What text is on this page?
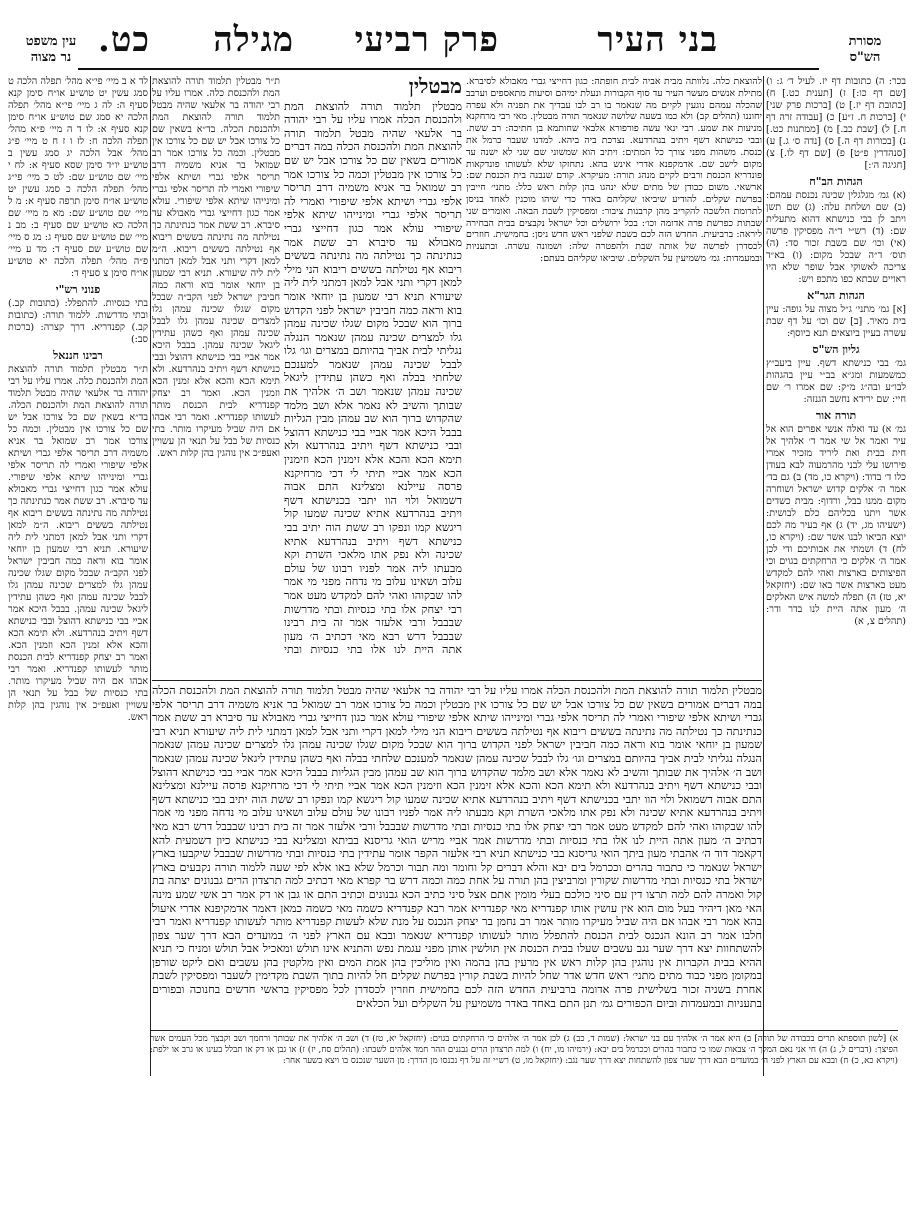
מסורת
הש"ס
עין משפט
נר מצוה	בני העיר
פרק רביעי
מגילה
כט.

בכר: ה) כתובות דף יז. לעיל ד׳ ג: ו) [שם דף כו:] ז) [תענית כט.] ח) [כתובת דף יז.] ט) [ברכות פרק שני] י) [ברכות ח. ז״ע] כ) [עבודה זרה דף ח.] ל) [שבת כב.] מ) [ממתנות כט.] נ) [בכורות דף ה.] ס) [נדה ס׳ ג.] ע) [סנהדרין פ״ט] פ) [שם דף לו.] צ) [חגיגה ה׳:]

הגהות הב"ח

(א) גמ׳ מגלגלין שכינה נכנסת עמהם: (ב) שם ושלחת עלה: (ג) שם תשן ויתב לן בבי כנישתא דהוא מתעלית שם: (ד) רש״י ד״ה מפסיקין פרשה (אי) וכו׳ שם בשבת זכור סד: (ה) תוס׳ ד״ה שבכל מקום: (ו) בא״ד צריכה לאשוקי אבל שופר שלא היו ראויים שבתא כפו מתכפ ויש:

הגהות הגר"א

[א] גמ׳ מתני׳ ג״ל מצוה על גופה: עיין בית מאיר. [ב] שם וכו׳ על דף שבת עשרה בעיין ביוצאים תנא ביוסף:

גליון הש"ס

גמ׳ בבי כנישתא דשף. עיין ביעב״ץ כמשמעות ומג״א בב״י עיין בהגהות לבו״ע ובה״ג מ״ק: שם אמרו ר׳ שם חיי: שם ירידא נחשב הגנזה:

תורה אור

גמ׳ א) עד ואלה אנשי אפרים הוא אל עיר ואמר אל שי אמר ד׳ אלהיך אל חית בבית ואת ליריד מזכיר אמרי פירושו עלי לבני מהרמעוה לבא בעודן כלו ד׳ בדוד: (ויקרא כו, מד) ב) גם בד׳ אמר ה׳ אלקים קדוש ישראל ושוחרה מקום ממנו בבל, ורדוף: מבית כשדים אשר ויתנו בכליהם כלם לבושית: (ישעיהו מג, יד) ג) אף בעיר מה לכם יוצא הביאו לבנו אשר שם: (ויקרא כו, לח) ד) ושמתי את אבותיכם ודי לכן אמר ה׳ אלקים כי הרחקתים בגוים וכי הפיצותים בארצות ואהי להם למקדש מעט בארצות אשר באו שם: (יחזקאל יא, טז) ה) תפלה למשה איש האלקים ה׳ מעון אתה היית לנו בדר ודר: (תהלים צ, א)

להוצאת כלה. נלוותה מבית אביה לבית חופתה: כגון דחייצי גברי מאבולא לסיברא. מתילת אנשים מעשר העיר עד סוף הקבורות ונעלת ימיהם וסיעות מתאספים וערבב שהכלה עמהם נוגעין לקיים מה שנאמר בו רב לבו עבדיך את תפניה ולא עפרה יחוננו (תהלים קב) ולא כמו בשעה שלושה שנאמר תורה מבטלין. מאי רבי מרחקנא מניעות את שמע. רבי ינאי עשה פורפורא אלבאי שחותמא בן חתיכה: רב ששת. ובבי כנישתא דשף ויתיב בנהרדעא. נצרכת ביה ביהא. למדנו שעבר כרמל את כנסת. משהות מפני צורך כל המתים: ויתיב הוא שמשוני שם שני לא ישנה עד מקום לישב שם. אדמקפנא אדרי אינש בהא. נתחזקו שלא לעשותו פונדקאות פונדריא הכנסת ורבים לקיים מנהג תורה: מעיקרא. קודם שנבנה בית הכנסת שם: ארשאי. משום כבודן של מתים שלא ינהגו בהן קלות ראש כלל: מתני׳ חייבין בפרשת שקלים. להודיע שיביאו שקליהם באדר כדי שיהו מוכנין לאחד בניסן לתרומת הלשכה להקריב מהן קרבנות ציבור: ומפסיקין לשבת הבאה. ואומרים שני שבתות כפרשת פרה אדומה וכו׳: בכל ירושלים וכל ישראל נקבצים בבית הבחירה ליראה: ברביעית. החדש הזה לכם בשבת שלפני ראש חדש ניסן: בחמישית. חוזרים לכסדרן לפרשה של אותה שבת ולהפטרה שלה: ושמונה עשרה. ובתעניות ובמעמדות: גמ׳ משמיעין על השקלים. שיביאו שקליהם בעתם:

מבטלין

מבטלין תלמוד תורה להוצאת המת ולהכנסת הכלה אמרו עליו על רבי יהודה בר אלעאי שהיה מבטל תלמוד תורה להוצאת המת ולהכנסת הכלה במה דברים אמורים בשאין שם כל צורכו אבל יש שם כל צורכו אין מבטלין וכמה כל צורכו אמר רב שמואל בר אניא משמיה דרב תריסר אלפי גברי ושיתא אלפי שיפורי ואמרי לה תריסר אלפי גברי ומינייהו שיתא אלפי שיפורי עולא אמר כגון דחייצי גברי מאבולא עד סיברא רב ששת אמר כנתינתה כך נטילתה מה נתינתה בששים ריבוא אף נטילתה בששים ריבוא הני מילי למאן דקרי ותני אבל למאן דמתני לית ליה שיעורא תניא רבי שמעון בן יוחאי אומר בוא וראה כמה חביבין ישראל לפני הקדוש ברוך הוא שבכל מקום שגלו שכינה עמהן גלו למצרים שכינה עמהן שנאמר הנגלה נגליתי לבית אביך בהיותם במצרים וגו׳ גלו לבבל שכינה עמהן שנאמר למענכם שלחתי בבלה ואף כשהן עתידין ליגאל שכינה עמהן שנאמר ושב ה׳ אלהיך את שבותך והשיב לא נאמר אלא ושב מלמד שהקדוש ברוך הוא שב עמהן מבין הגליות בבבל היכא אמר אביי בבי כנישתא דהוצל ובבי כנישתא דשף ויתיב בנהרדעא ולא תימא הכא והכא אלא זימנין הכא וזימנין הכא אמר אביי תיתי לי דכי מרחיקנא פרסה עיילנא ומצלינא התם אבוה דשמואל ולוי הוו יתבי בכנישתא דשף ויתיב בנהרדעא אתיא שכינה שמעו קול ריגשא קמו ונפקו רב ששת הוה יתיב בבי כנישתא דשף ויתיב בנהרדעא אתיא שכינה ולא נפק אתו מלאכי השרת וקא מבעתו ליה אמר לפניו רבונו של עולם עלוב ושאינו עלוב מי נדחה מפני מי אמר להו שבקוהו ואהי להם למקדש מעט אמר רבי יצחק אלו בתי כנסיות ובתי מדרשות שבבבל ורבי אלעזר אמר זה בית רבינו שבבבל דרש רבא מאי דכתיב ה׳ מעון אתה היית לנו אלו בתי כנסיות ובתי

ת״ר מבטלין תלמוד תורה להוצאת המת ולהכנסת כלה. אמרו עליו על רבי יהודה בר אלעאי שהיה מבטל תלמוד תורה להוצאת המת ולהכנסת הכלה. בד״א בשאין שם כל צורכו אבל יש שם כל צורכו אין מבטלין. וכמה כל צורכו אמר רב שמואל בר אניא משמיה דרב תריסר אלפי גברי ושיתא אלפי שיפורי ואמרי לה תריסר אלפי גברי ומינייהו שיתא אלפי שיפורי. עולא אמר כגון דחייצי גברי מאבולא עד סיברא. רב ששת אמר כנתינתה כך נטילתה מה נתינתה בששים ריבוא אף נטילתה בששים ריבוא. ה״מ למאן דקרי ותני אבל למאן דמתני לית ליה שיעורא. תניא רבי שמעון בן יוחאי אומר בוא וראה כמה חביבין ישראל לפני הקב״ה שבכל מקום שגלו שכינה עמהן גלו למצרים שכינה עמהן גלו לבבל שכינה עמהן ואף כשהן עתידין ליגאל שכינה עמהן. בבבל היכא אמר אביי בבי כנישתא דהוצל ובבי כנישתא דשף ויתיב בנהרדעא. ולא תימא הכא והכא אלא זמנין הכא וזמנין הכא. ואמר רב יצחק קפנדריא לבית הכנסת מותר לעשותו קפנדריא. ואמר רבי אבהו אם היה שביל מעיקרו מותר. בתי כנסיות של בבל על תנאי הן עשויין ואעפ״כ אין נוהגין בהן קלות ראש.

מבטלין תלמוד תורה להוצאת המת ולהכנסת הכלה אמרו עליו על רבי יהודה בר אלעאי שהיה מבטל תלמוד תורה להוצאת המת ולהכנסת הכלה במה דברים אמורים בשאין שם כל צורכו אבל יש שם כל צורכו אין מבטלין וכמה כל צורכו אמר רב שמואל בר אניא משמיה דרב תריסר אלפי גברי ושיתא אלפי שיפורי ואמרי לה תריסר אלפי גברי ומינייהו שיתא אלפי שיפורי עולא אמר כגון דחייצי גברי מאבולא עד סיברא רב ששת אמר כנתינתה כך נטילתה מה נתינתה בששים ריבוא אף נטילתה בששים ריבוא הני מילי למאן דקרי ותני אבל למאן דמתני לית ליה שיעורא תניא רבי שמעון בן יוחאי אומר בוא וראה כמה חביבין ישראל לפני הקדוש ברוך הוא שבכל מקום שגלו שכינה עמהן גלו למצרים שכינה עמהן שנאמר הנגלה נגליתי לבית אביך בהיותם במצרים וגו׳ גלו לבבל שכינה עמהן שנאמר למענכם שלחתי בבלה ואף כשהן עתידין ליגאל שכינה עמהן שנאמר ושב ה׳ אלהיך את שבותך והשיב לא נאמר אלא ושב מלמד שהקדוש ברוך הוא שב עמהן מבין הגליות בבבל היכא אמר אביי בבי כנישתא דהוצל ובבי כנישתא דשף ויתיב בנהרדעא ולא תימא הכא והכא אלא זימנין הכא וזימנין הכא אמר אביי תיתי לי דכי מרחיקנא פרסה עיילנא ומצלינא התם אבוה דשמואל ולוי הוו יתבי בכנישתא דשף ויתיב בנהרדעא אתיא שכינה שמעו קול ריגשא קמו ונפקו רב ששת הוה יתיב בבי כנישתא דשף ויתיב בנהרדעא אתיא שכינה ולא נפק אתו מלאכי השרת וקא מבעתו ליה אמר לפניו רבונו של עולם עלוב ושאינו עלוב מי נדחה מפני מי אמר להו שבקוהו ואהי להם למקדש מעט אמר רבי יצחק אלו בתי כנסיות ובתי מדרשות שבבבל ורבי אלעזר אמר זה בית רבינו שבבבל דרש רבא מאי דכתיב ה׳ מעון אתה היית לנו אלו בתי כנסיות ובתי מדרשות אמר אביי מריש הואי גריסנא בביתא ומצלינא בבי כנישתא כיון דשמעית להא דקאמר דוד ה׳ אהבתי מעון ביתך הואי גריסנא בבי כנישתא תניא רבי אלעזר הקפר אומר עתידין בתי כנסיות ובתי מדרשות שבבבל שיקבעו בארץ ישראל שנאמר כי כתבור בהרים וככרמל בים יבא והלא דברים קל וחומר ומה תבור וכרמל שלא באו אלא לפי שעה ללמוד תורה נקבעים בארץ ישראל בתי כנסיות ובתי מדרשות שקורין ומרביצין בהן תורה על אחת כמה וכמה דרש בר קפרא מאי דכתיב למה תרצדון הרים גבנונים יצתה בת קול ואמרה להם למה תרצו דין עם סיני כולכם בעלי מומין אתם אצל סיני כתיב הכא גבנונים וכתיב התם או גבן או דק אמר רב אשי שמע מינה האי מאן דיהיר בעל מום הוא אין עושין אותו קפנדריא מאי קפנדריא אמר רבא קפנדריא כשמה מאי כשמה כמאן דאמר אדמקיפנא אדרי איעול בהא אמר רבי אבהו אם היה שביל מעיקרו מותר אמר רב נחמן בר יצחק הנכנס על מנת שלא לעשות קפנדריא מותר לעשותו קפנדריא ואמר רבי חלבו אמר רב הונא הנכנס לבית הכנסת להתפלל מותר לעשותו קפנדריא שנאמר ובבא עם הארץ לפני ה׳ במועדים הבא דרך שער צפון להשתחוות יצא דרך שער נגב עשבים שעלו בבית הכנסת אין תולשין אותן מפני עגמת נפש והתניא אינו תולש ומאכיל אבל תולש ומניח כי תניא ההיא בבית הקברות אין נוהגין בהן קלות ראש אין מרעין בהן בהמה ואין מוליכין בהן אמת המים ואין מלקטין בהן עשבים ואם ליקט שורפן במקומן מפני כבוד מתים מתני׳ ראש חדש אדר שחל להיות בשבת קורין בפרשת שקלים חל להיות בתוך השבת מקדימין לשעבר ומפסיקין לשבת אחרת בשניה זכור בשלישית פרה אדומה ברביעית החדש הזה לכם בחמישית חוזרין לכסדרן לכל מפסיקין בראשי חדשים בחנוכה ובפורים בתעניות ובמעמדות וביום הכפורים גמ׳ תנן התם באחד באדר משמיעין על השקלים ועל הכלאים

לד א ב מיי׳ פי״א מהל׳ תפלה הלכה ט סמג עשין יט טוש״ע או״ח סימן קנא סעיף ה: לה ג מיי׳ פי״א מהל׳ תפלה הלכה יא סמג שם טוש״ע או״ח סימן קנא סעיף א: לו ד ה מיי׳ פ״א מהל׳ תפלה הלכה ח: לז ו ז ח ט מיי׳ פ״ג מהל׳ אבל הלכה יג סמג עשין ב טוש״ע יו״ד סימן שסא סעיף א: לח י מיי׳ שם טוש״ע שם: לט כ מיי׳ פי״ג מהל׳ תפלה הלכה כ סמג עשין יט טוש״ע או״ח סימן תרפה סעיף א: מ ל מיי׳ שם טוש״ע שם: מא מ מיי׳ שם הלכה כא טוש״ע שם סעיף ב: מב נ מיי׳ שם טוש״ע שם סעיף ג: מג ס מיי׳ שם טוש״ע שם סעיף ד: מד ע מיי׳ פ״ה מהל׳ תפלה הלכה יא טוש״ע או״ח סימן צ סעיף ד:

פנוני רש"י

בתי כנסיות. להתפלל: (כתובות קב.) ובתי מדרשות. ללמוד תורה: (כתובות קב.) קפנדריא. דרך קצרה: (ברכות סב:)

רבינו חננאל

ת״ר מבטלין תלמוד תורה להוצאת המת ולהכנסת כלה. אמרו עליו על רבי יהודה בר אלעאי שהיה מבטל תלמוד תורה להוצאת המת ולהכנסת הכלה. בד״א בשאין שם כל צורכו אבל יש שם כל צורכו אין מבטלין. וכמה כל צורכו אמר רב שמואל בר אניא משמיה דרב תריסר אלפי גברי ושיתא אלפי שיפורי ואמרי לה תריסר אלפי גברי ומינייהו שיתא אלפי שיפורי. עולא אמר כגון דחייצי גברי מאבולא עד סיברא. רב ששת אמר כנתינתה כך נטילתה מה נתינתה בששים ריבוא אף נטילתה בששים ריבוא. ה״מ למאן דקרי ותני אבל למאן דמתני לית ליה שיעורא. תניא רבי שמעון בן יוחאי אומר בוא וראה כמה חביבין ישראל לפני הקב״ה שבכל מקום שגלו שכינה עמהן גלו למצרים שכינה עמהן גלו לבבל שכינה עמהן ואף כשהן עתידין ליגאל שכינה עמהן. בבבל היכא אמר אביי בבי כנישתא דהוצל ובבי כנישתא דשף ויתיב בנהרדעא. ולא תימא הכא והכא אלא זמנין הכא וזמנין הכא. ואמר רב יצחק קפנדריא לבית הכנסת מותר לעשותו קפנדריא. ואמר רבי אבהו אם היה שביל מעיקרו מותר. בתי כנסיות של בבל על תנאי הן עשויין ואעפ״כ אין נוהגין בהן קלות ראש.

א) [לשון תוספתא תרים בכבודה של תורה] ב) היא אמר ה׳ אלהיך עם בני ישראל: (שמות ד, כב) ג) לכן אמר ה׳ אלהים כי הרחקתים בגוים: (יחזקאל יא, טז) ד) ושב ה׳ אלהיך את שבותך ורחמך ושב וקבצך מכל העמים אשר הפיצך: (דברים ל, ג) ה) חי אני נאם המלך ה׳ צבאות שמו כי כתבור בהרים וככרמל בים יבא: (ירמיהו מו, יח) ו) למה תרצדון הרים גבננים ההר חמד אלהים לשבתו: (תהלים סח, יז) ז) או גבן או דק או תבלל בעינו או גרב או ילפת: (ויקרא כא, כ) ח) ובבא עם הארץ לפני ה׳ במועדים הבא דרך שער צפון להשתחות יצא דרך שער נגב: (יחזקאל מו, ט) רש״י זה על דף נכנסו מן הדרך: מן השער שנכנס בו ויצא בשער אחר:
